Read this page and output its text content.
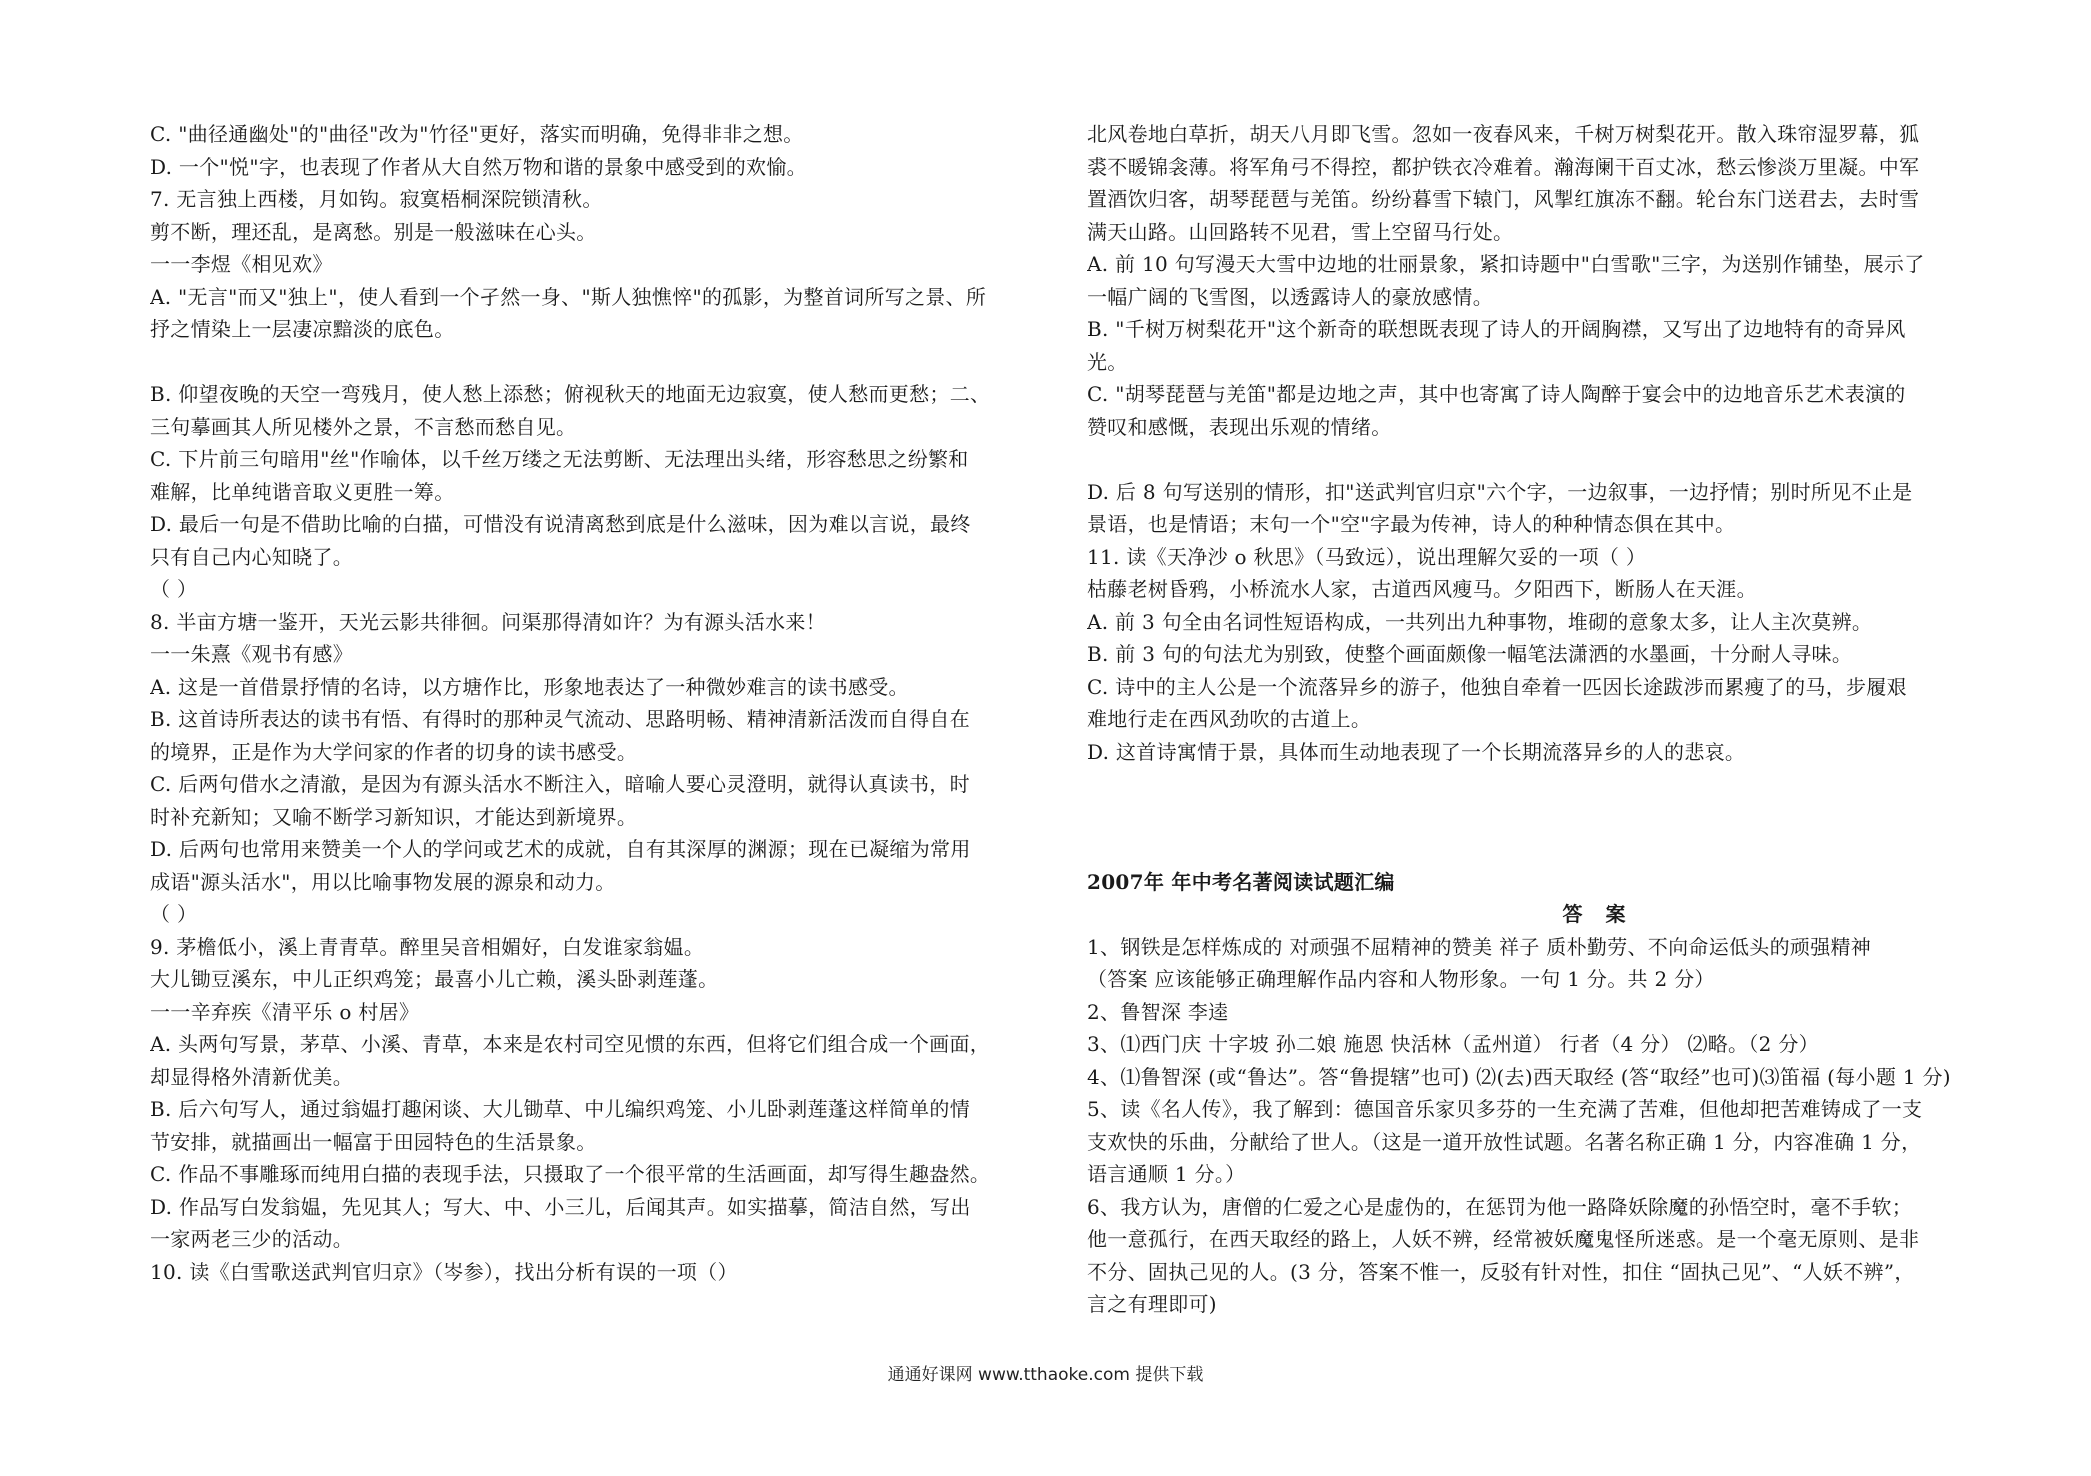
C. "曲径通幽处"的"曲径"改为"竹径"更好，落实而明确，免得非非之想。
D. 一个"悦"字，也表现了作者从大自然万物和谐的景象中感受到的欢愉。
7. 无言独上西楼，月如钩。寂寞梧桐深院锁清秋。
剪不断，理还乱，是离愁。别是一般滋味在心头。
一一李煜《相见欢》
A. "无言"而又"独上"，使人看到一个孑然一身、"斯人独憔悴"的孤影，为整首词所写之景、所
抒之情染上一层凄凉黯淡的底色。
B. 仰望夜晚的天空一弯残月，使人愁上添愁；俯视秋天的地面无边寂寞，使人愁而更愁；二、
三句摹画其人所见楼外之景，不言愁而愁自见。
C. 下片前三句暗用"丝"作喻体，以千丝万缕之无法剪断、无法理出头绪，形容愁思之纷繁和
难解，比单纯谐音取义更胜一筹。
D. 最后一句是不借助比喻的白描，可惜没有说清离愁到底是什么滋味，因为难以言说，最终
只有自己内心知晓了。
（ ）
8. 半亩方塘一鉴开，天光云影共徘徊。问渠那得清如许？为有源头活水来！
一一朱熹《观书有感》
A. 这是一首借景抒情的名诗，以方塘作比，形象地表达了一种微妙难言的读书感受。
B. 这首诗所表达的读书有悟、有得时的那种灵气流动、思路明畅、精神清新活泼而自得自在
的境界，正是作为大学问家的作者的切身的读书感受。
C. 后两句借水之清澈，是因为有源头活水不断注入，暗喻人要心灵澄明，就得认真读书，时
时补充新知；又喻不断学习新知识，才能达到新境界。
D. 后两句也常用来赞美一个人的学问或艺术的成就，自有其深厚的渊源；现在已凝缩为常用
成语"源头活水"，用以比喻事物发展的源泉和动力。
（ ）
9. 茅檐低小，溪上青青草。醉里吴音相媚好，白发谁家翁媪。
大儿锄豆溪东，中儿正织鸡笼；最喜小儿亡赖，溪头卧剥莲蓬。
一一辛弃疾《清平乐 o 村居》
A. 头两句写景，茅草、小溪、青草，本来是农村司空见惯的东西，但将它们组合成一个画面，
却显得格外清新优美。
B. 后六句写人，通过翁媪打趣闲谈、大儿锄草、中儿编织鸡笼、小儿卧剥莲蓬这样简单的情
节安排，就描画出一幅富于田园特色的生活景象。
C. 作品不事雕琢而纯用白描的表现手法，只摄取了一个很平常的生活画面，却写得生趣盎然。
D. 作品写白发翁媪，先见其人；写大、中、小三儿，后闻其声。如实描摹，简洁自然，写出
一家两老三少的活动。
10. 读《白雪歌送武判官归京》（岑参），找出分析有误的一项（）
北风卷地白草折，胡天八月即飞雪。忽如一夜春风来，千树万树梨花开。散入珠帘湿罗幕，狐
裘不暖锦衾薄。将军角弓不得控，都护铁衣冷难着。瀚海阑干百丈冰，愁云惨淡万里凝。中军
置酒饮归客，胡琴琵琶与羌笛。纷纷暮雪下辕门，风掣红旗冻不翻。轮台东门送君去，去时雪
满天山路。山回路转不见君，雪上空留马行处。
A. 前 10 句写漫天大雪中边地的壮丽景象，紧扣诗题中"白雪歌"三字，为送别作铺垫，展示了
一幅广阔的飞雪图，以透露诗人的豪放感情。
B. "千树万树梨花开"这个新奇的联想既表现了诗人的开阔胸襟，又写出了边地特有的奇异风
光。
C. "胡琴琵琶与羌笛"都是边地之声，其中也寄寓了诗人陶醉于宴会中的边地音乐艺术表演的
赞叹和感慨，表现出乐观的情绪。
D. 后 8 句写送别的情形，扣"送武判官归京"六个字，一边叙事，一边抒情；别时所见不止是
景语，也是情语；末句一个"空"字最为传神，诗人的种种情态俱在其中。
11. 读《天净沙 o 秋思》（马致远），说出理解欠妥的一项（ ）
枯藤老树昏鸦，小桥流水人家，古道西风瘦马。夕阳西下，断肠人在天涯。
A. 前 3 句全由名词性短语构成，一共列出九种事物，堆砌的意象太多，让人主次莫辨。
B. 前 3 句的句法尤为别致，使整个画面颇像一幅笔法潇洒的水墨画，十分耐人寻味。
C. 诗中的主人公是一个流落异乡的游子，他独自牵着一匹因长途跋涉而累瘦了的马，步履艰
难地行走在西风劲吹的古道上。
D. 这首诗寓情于景，具体而生动地表现了一个长期流落异乡的人的悲哀。
2007年 年中考名著阅读试题汇编
答 案
1、钢铁是怎样炼成的 对顽强不屈精神的赞美 祥子 质朴勤劳、不向命运低头的顽强精神
（答案 应该能够正确理解作品内容和人物形象。一句 1 分。共 2 分）
2、鲁智深 李逵
3、⑴西门庆 十字坡 孙二娘 施恩 快活林（孟州道） 行者（4 分） ⑵略。（2 分）
4、⑴鲁智深 (或“鲁达”。答“鲁提辖”也可) ⑵(去)西天取经 (答“取经”也可)⑶笛福 (每小题 1 分)
5、读《名人传》，我了解到：德国音乐家贝多芬的一生充满了苦难，但他却把苦难铸成了一支
支欢快的乐曲，分献给了世人。（这是一道开放性试题。名著名称正确 1 分，内容准确 1 分，
语言通顺 1 分。）
6、我方认为，唐僧的仁爱之心是虚伪的，在惩罚为他一路降妖除魔的孙悟空时，毫不手软；
他一意孤行，在西天取经的路上，人妖不辨，经常被妖魔鬼怪所迷惑。是一个毫无原则、是非
不分、固执己见的人。(3 分，答案不惟一，反驳有针对性，扣住 “固执己见”、“人妖不辨”，
言之有理即可)
通通好课网 www.tthaoke.com 提供下载
